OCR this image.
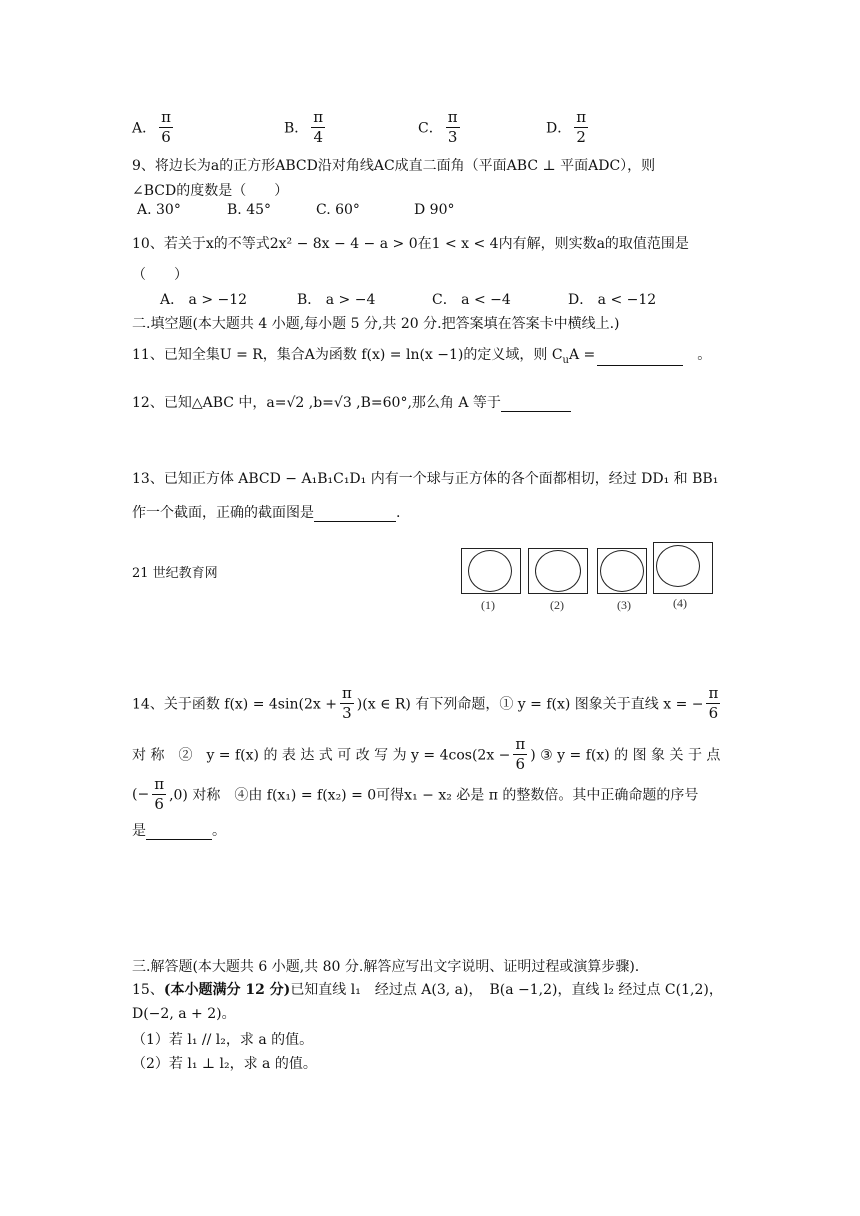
A． $\frac{\pi}{6}$	B． $\frac{\pi}{4}$	C． $\frac{\pi}{3}$	D． $\frac{\pi}{2}$
9、将边长为a的正方形ABCD沿对角线AC成直二面角（平面ABC ⊥ 平面ADC），则
∠BCD的度数是（　　）
A. 30°	B. 45°	C. 60°	D 90°
10、若关于x的不等式2x² − 8x − 4 − a > 0在1 < x < 4内有解，则实数a的取值范围是
（　　）
A． a > −12	B． a > −4	C． a < −4	D． a < −12
二.填空题(本大题共 4 小题,每小题 5 分,共 20 分.把答案填在答案卡中横线上.)
11、已知全集U = R，集合A为函数 f(x) = ln(x −1)的定义域，则 $C_uA$ =	。
12、已知△ABC 中，a=√2 ,b=√3 ,B=60°,那么角 A 等于
13、已知正方体 ABCD − A₁B₁C₁D₁ 内有一个球与正方体的各个面都相切，经过 DD₁ 和 BB₁
作一个截面，正确的截面图是	.
21 世纪教育网
(1)	(2)	(3)	(4)
14、关于函数 $f(x) = 4\sin(2x + \frac{\pi}{3} )(x$ ∈ R) 有下列命题，① y = f(x) 图象关于直线 x = − $\frac{\pi}{6}$
对 称　②　y = f(x) 的 表 达 式 可 改 写 为 $y = 4\cos(2x - \frac{\pi}{6}$ ) ③ y = f(x) 的 图 象 关 于 点
(− $\frac{\pi}{6} ,0$) 对称　④由 f(x₁) = f(x₂) = 0可得x₁ − x₂ 必是 π 的整数倍。其中正确命题的序号
是	。
三.解答题(本大题共 6 小题,共 80 分.解答应写出文字说明、证明过程或演算步骤).
15、(本小题满分 12 分)已知直线 l₁　经过点 A(3, a)，　B(a −1,2)，直线 l₂ 经过点 C(1,2)，
D(−2, a + 2)。
（1）若 l₁ // l₂，求 a 的值。
（2）若 l₁ ⊥ l₂，求 a 的值。
